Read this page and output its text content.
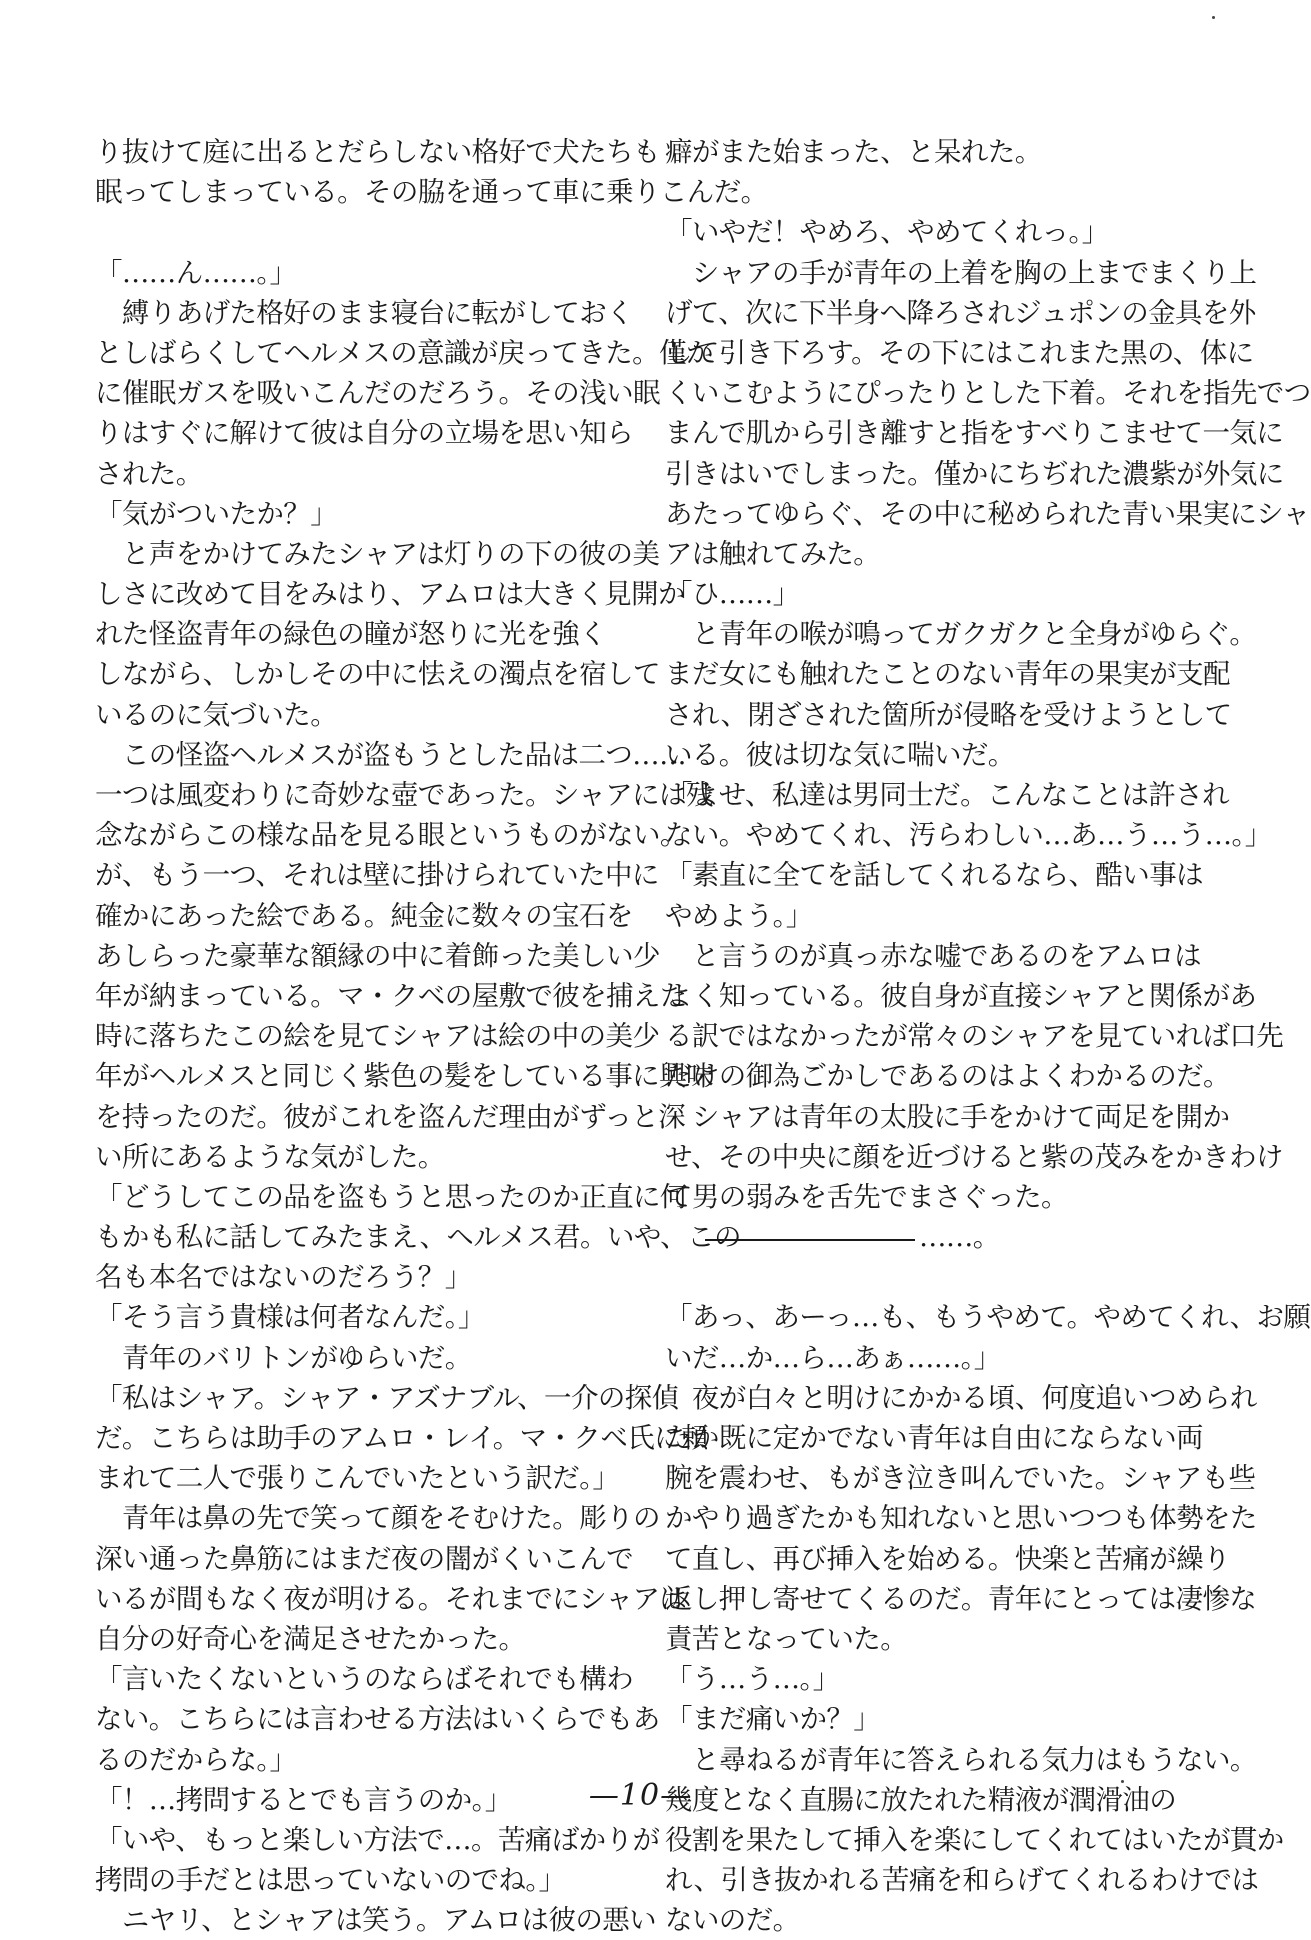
り抜けて庭に出るとだらしない格好で犬たちも
眠ってしまっている。その脇を通って車に乗りこんだ。
「……ん……。」
　縛りあげた格好のまま寝台に転がしておく
としばらくしてヘルメスの意識が戻ってきた。僅か
に催眠ガスを吸いこんだのだろう。その浅い眠
りはすぐに解けて彼は自分の立場を思い知ら
された。
「気がついたか？」
　と声をかけてみたシャアは灯りの下の彼の美
しさに改めて目をみはり、アムロは大きく見開か
れた怪盗青年の緑色の瞳が怒りに光を強く
しながら、しかしその中に怯えの濁点を宿して
いるのに気づいた。
　この怪盗ヘルメスが盗もうとした品は二つ……
一つは風変わりに奇妙な壺であった。シャアには残
念ながらこの様な品を見る眼というものがない。
が、もう一つ、それは壁に掛けられていた中に
確かにあった絵である。純金に数々の宝石を
あしらった豪華な額縁の中に着飾った美しい少
年が納まっている。マ・クベの屋敷で彼を捕えた
時に落ちたこの絵を見てシャアは絵の中の美少
年がヘルメスと同じく紫色の髪をしている事に興味
を持ったのだ。彼がこれを盗んだ理由がずっと深
い所にあるような気がした。
「どうしてこの品を盗もうと思ったのか正直に何
もかも私に話してみたまえ、ヘルメス君。いや、この
名も本名ではないのだろう？」
「そう言う貴様は何者なんだ。」
　青年のバリトンがゆらいだ。
「私はシャア。シャア・アズナブル、一介の探偵
だ。こちらは助手のアムロ・レイ。マ・クベ氏に頼
まれて二人で張りこんでいたという訳だ。」
　青年は鼻の先で笑って顔をそむけた。彫りの
深い通った鼻筋にはまだ夜の闇がくいこんで
いるが間もなく夜が明ける。それまでにシャアは
自分の好奇心を満足させたかった。
「言いたくないというのならばそれでも構わ
ない。こちらには言わせる方法はいくらでもあ
るのだからな。」
「！…拷問するとでも言うのか。」
「いや、もっと楽しい方法で…。苦痛ばかりが
拷問の手だとは思っていないのでね。」
　ニヤリ、とシャアは笑う。アムロは彼の悪い
癖がまた始まった、と呆れた。
「いやだ！やめろ、やめてくれっ。」
　シャアの手が青年の上着を胸の上までまくり上
げて、次に下半身へ降ろされジュポンの金具を外
して引き下ろす。その下にはこれまた黒の、体に
くいこむようにぴったりとした下着。それを指先でつ
まんで肌から引き離すと指をすべりこませて一気に
引きはいでしまった。僅かにちぢれた濃紫が外気に
あたってゆらぐ、その中に秘められた青い果実にシャ
アは触れてみた。
「ひ……」
　と青年の喉が鳴ってガクガクと全身がゆらぐ。
まだ女にも触れたことのない青年の果実が支配
され、閉ざされた箇所が侵略を受けようとして
いる。彼は切な気に喘いだ。
「よせ、私達は男同士だ。こんなことは許され
ない。やめてくれ、汚らわしい…あ…う…う…。」
「素直に全てを話してくれるなら、酷い事は
やめよう。」
　と言うのが真っ赤な嘘であるのをアムロは
よく知っている。彼自身が直接シャアと関係があ
る訳ではなかったが常々のシャアを見ていれば口先
だけの御為ごかしであるのはよくわかるのだ。
　シャアは青年の太股に手をかけて両足を開か
せ、その中央に顔を近づけると紫の茂みをかきわけ
て男の弱みを舌先でまさぐった。
……。
「あっ、あーっ…も、もうやめて。やめてくれ、お願
いだ…か…ら…あぁ……。」
　夜が白々と明けにかかる頃、何度追いつめられ
たか既に定かでない青年は自由にならない両
腕を震わせ、もがき泣き叫んでいた。シャアも些
かやり過ぎたかも知れないと思いつつも体勢をた
て直し、再び挿入を始める。快楽と苦痛が繰り
返し押し寄せてくるのだ。青年にとっては凄惨な
責苦となっていた。
「う…う…。」
「まだ痛いか？」
　と尋ねるが青年に答えられる気力はもうない。
幾度となく直腸に放たれた精液が潤滑油の
役割を果たして挿入を楽にしてくれてはいたが貫か
れ、引き抜かれる苦痛を和らげてくれるわけでは
ないのだ。
—10—
